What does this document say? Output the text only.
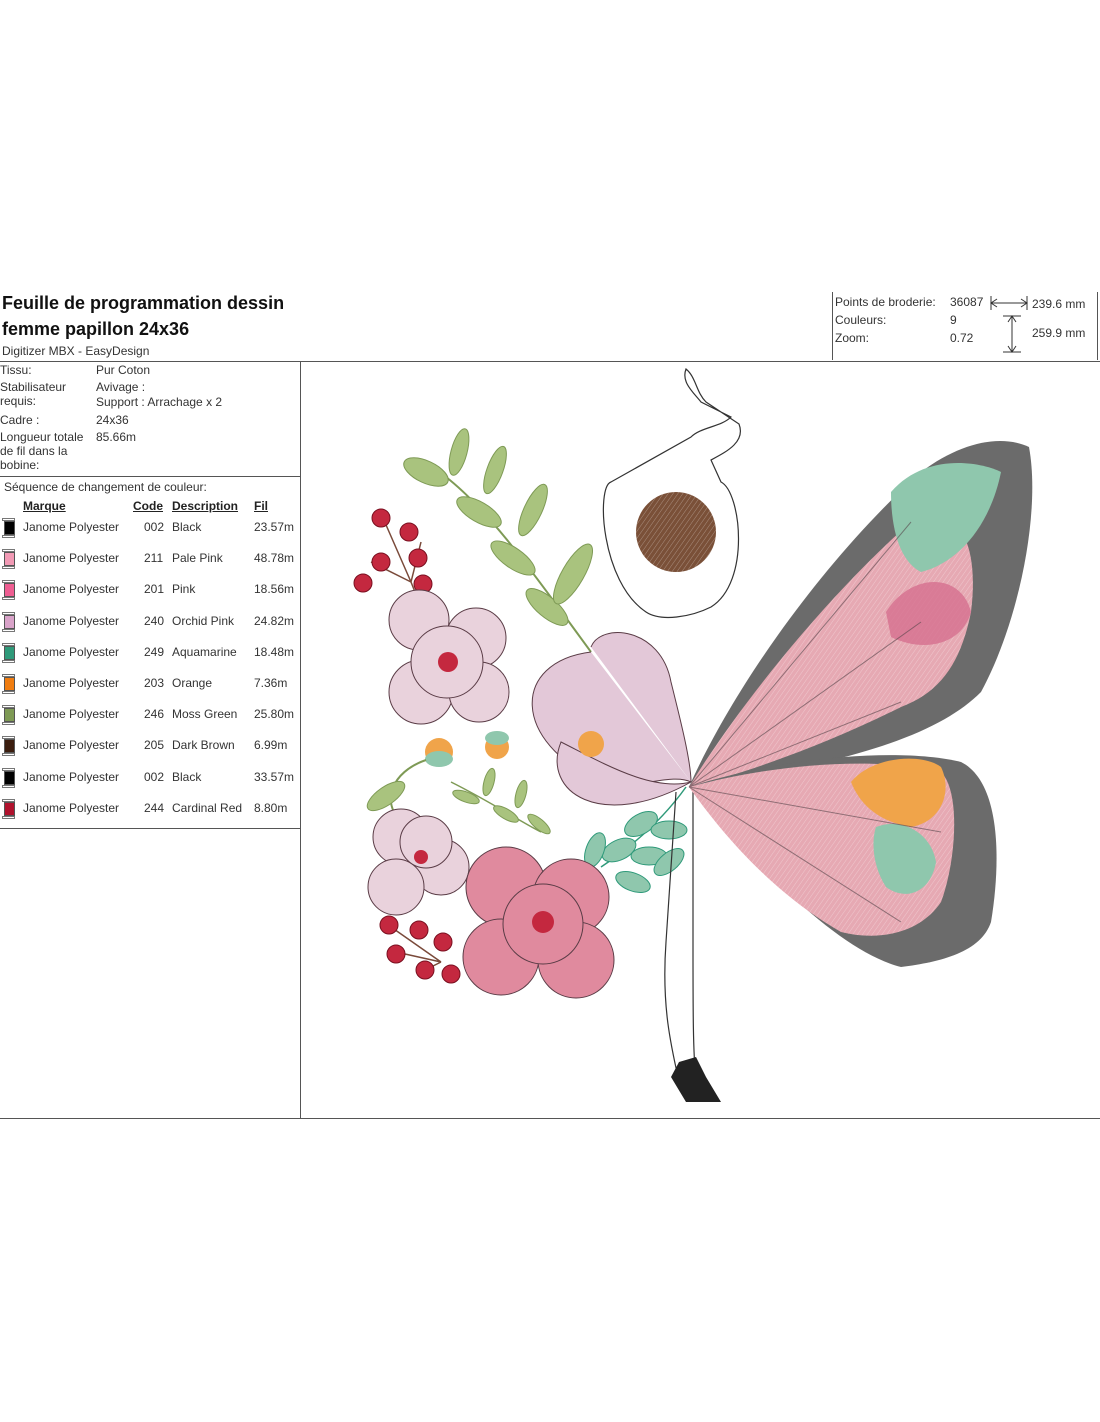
Feuille de programmation dessin
femme papillon 24x36
Digitizer MBX - EasyDesign
Points de broderie: 36087
Couleurs:	9
Zoom:	0.72
239.6 mm
259.9 mm
Tissu:	Pur Coton
Stabilisateur requis:
Avivage :
Support : Arrachage x 2
Cadre :	24x36
Longueur totale de fil dans la bobine:
85.66m
Séquence de changement de couleur:
Marque	Code Description Fil
Janome Polyester 002 Black	23.57m
Janome Polyester 211 Pale Pink	48.78m
Janome Polyester 201 Pink	18.56m
Janome Polyester 240 Orchid Pink 24.82m
Janome Polyester 249 Aquamarine 18.48m
Janome Polyester 203 Orange	7.36m
Janome Polyester 246 Moss Green 25.80m
Janome Polyester 205 Dark Brown 6.99m
Janome Polyester 002 Black	33.57m
Janome Polyester 244 Cardinal Red 8.80m
